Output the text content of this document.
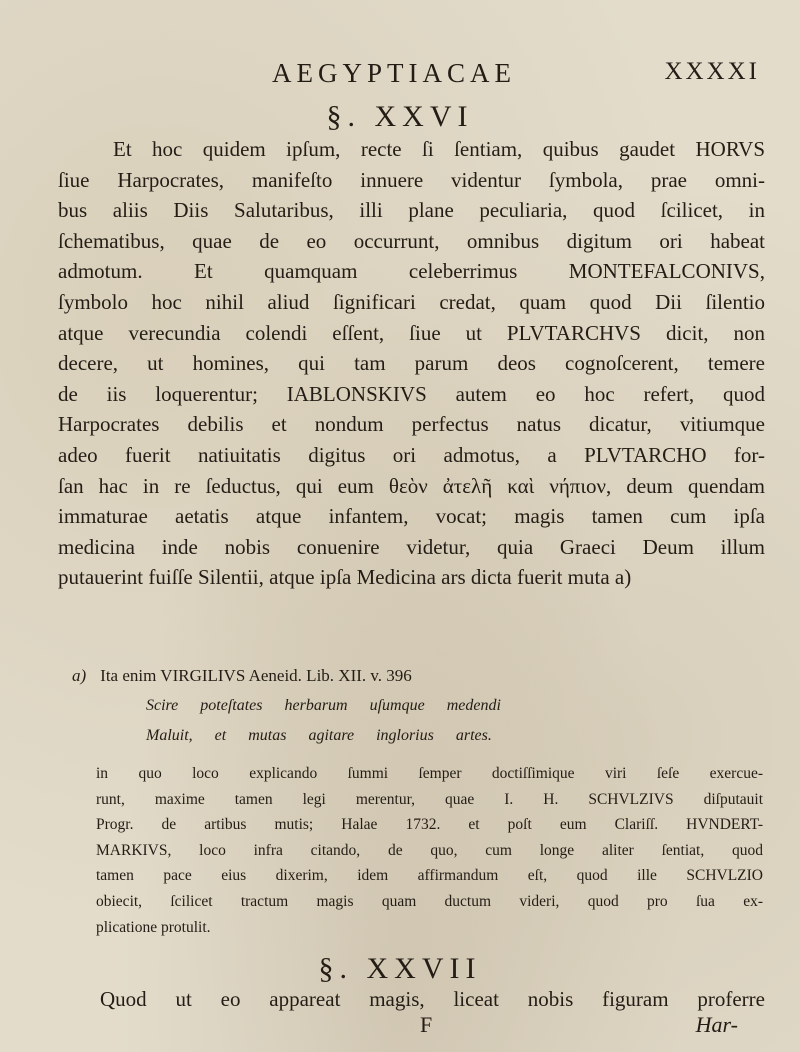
AEGYPTIACAE	XXXXI
§. XXVI
Et hoc quidem ipſum, recte ſi ſentiam, quibus gaudet HORVS
ſiue Harpocrates, manifeſto innuere videntur ſymbola, prae omni-
bus aliis Diis Salutaribus, illi plane peculiaria, quod ſcilicet, in
ſchematibus, quae de eo occurrunt, omnibus digitum ori habeat
admotum. Et quamquam celeberrimus MONTEFALCONIVS,
ſymbolo hoc nihil aliud ſignificari credat, quam quod Dii ſilentio
atque verecundia colendi eſſent, ſiue ut PLVTARCHVS dicit, non
decere, ut homines, qui tam parum deos cognoſcerent, temere
de iis loquerentur; IABLONSKIVS autem eo hoc refert, quod
Harpocrates debilis et nondum perfectus natus dicatur, vitiumque
adeo fuerit natiuitatis digitus ori admotus, a PLVTARCHO for-
ſan hac in re ſeductus, qui eum θεὸν ἀτελῆ καὶ νήπιον, deum quendam
immaturae aetatis atque infantem, vocat; magis tamen cum ipſa
medicina inde nobis conuenire videtur, quia Graeci Deum illum
putauerint fuiſſe Silentii, atque ipſa Medicina ars dicta fuerit muta a)
a) Ita enim VIRGILIVS Aeneid. Lib. XII. v. 396
Scire poteſtates herbarum uſumque medendi
Maluit, et mutas agitare inglorius artes.
in quo loco explicando ſummi ſemper doctiſſimique viri ſeſe exercue-
runt, maxime tamen legi merentur, quae I. H. SCHVLZIVS diſputauit
Progr. de artibus mutis; Halae 1732. et poſt eum Clariſſ. HVNDERT-
MARKIVS, loco infra citando, de quo, cum longe aliter ſentiat, quod
tamen pace eius dixerim, idem affirmandum eſt, quod ille SCHVLZIO
obiecit, ſcilicet tractum magis quam ductum videri, quod pro ſua ex-
plicatione protulit.
§. XXVII
Quod ut eo appareat magis, liceat nobis figuram proferre
F	Har-
